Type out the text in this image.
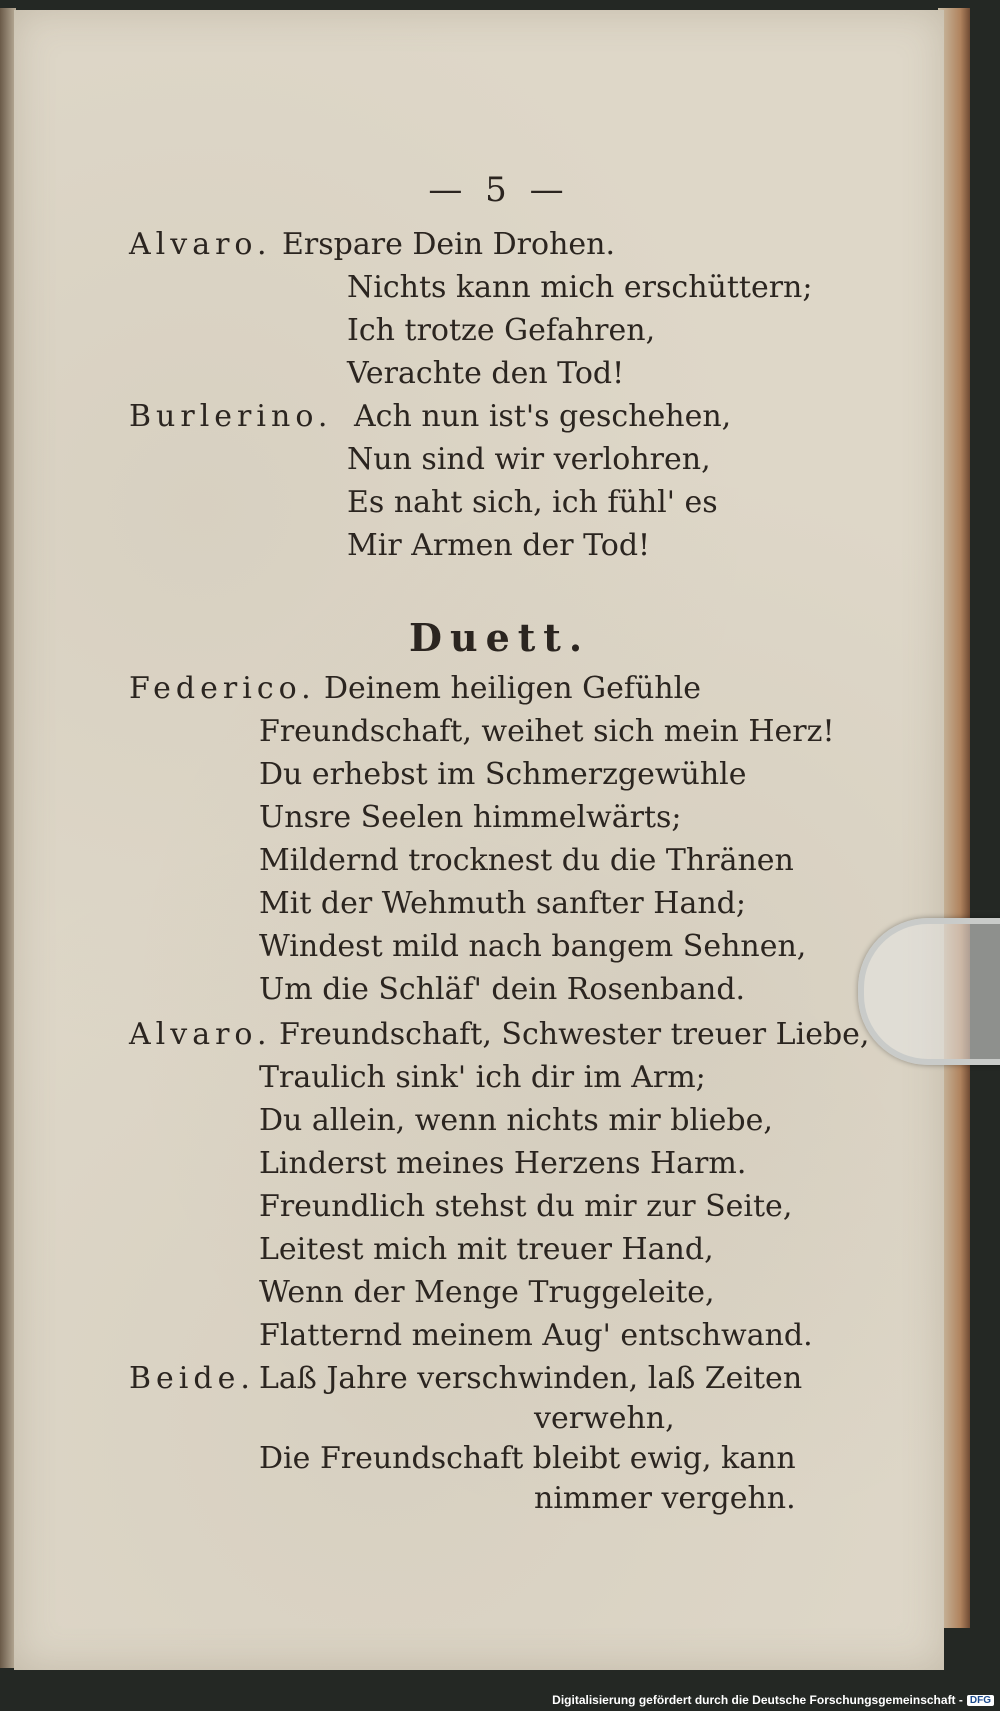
— 5 —
Alvaro. Erspare Dein Drohen.
Nichts kann mich erschüttern;
Ich trotze Gefahren,
Verachte den Tod!
Burlerino. Ach nun ist's geschehen,
Nun sind wir verlohren,
Es naht sich, ich fühl' es
Mir Armen der Tod!
Duett.
Federico. Deinem heiligen Gefühle
Freundschaft, weihet sich mein Herz!
Du erhebst im Schmerzgewühle
Unsre Seelen himmelwärts;
Mildernd trocknest du die Thränen
Mit der Wehmuth sanfter Hand;
Windest mild nach bangem Sehnen,
Um die Schläf' dein Rosenband.
Alvaro. Freundschaft, Schwester treuer Liebe,
Traulich sink' ich dir im Arm;
Du allein, wenn nichts mir bliebe,
Linderst meines Herzens Harm.
Freundlich stehst du mir zur Seite,
Leitest mich mit treuer Hand,
Wenn der Menge Truggeleite,
Flatternd meinem Aug' entschwand.
Beide. Laß Jahre verschwinden, laß Zeiten
verwehn,
Die Freundschaft bleibt ewig, kann
nimmer vergehn.
Digitalisierung gefördert durch die Deutsche Forschungsgemeinschaft - DFG
